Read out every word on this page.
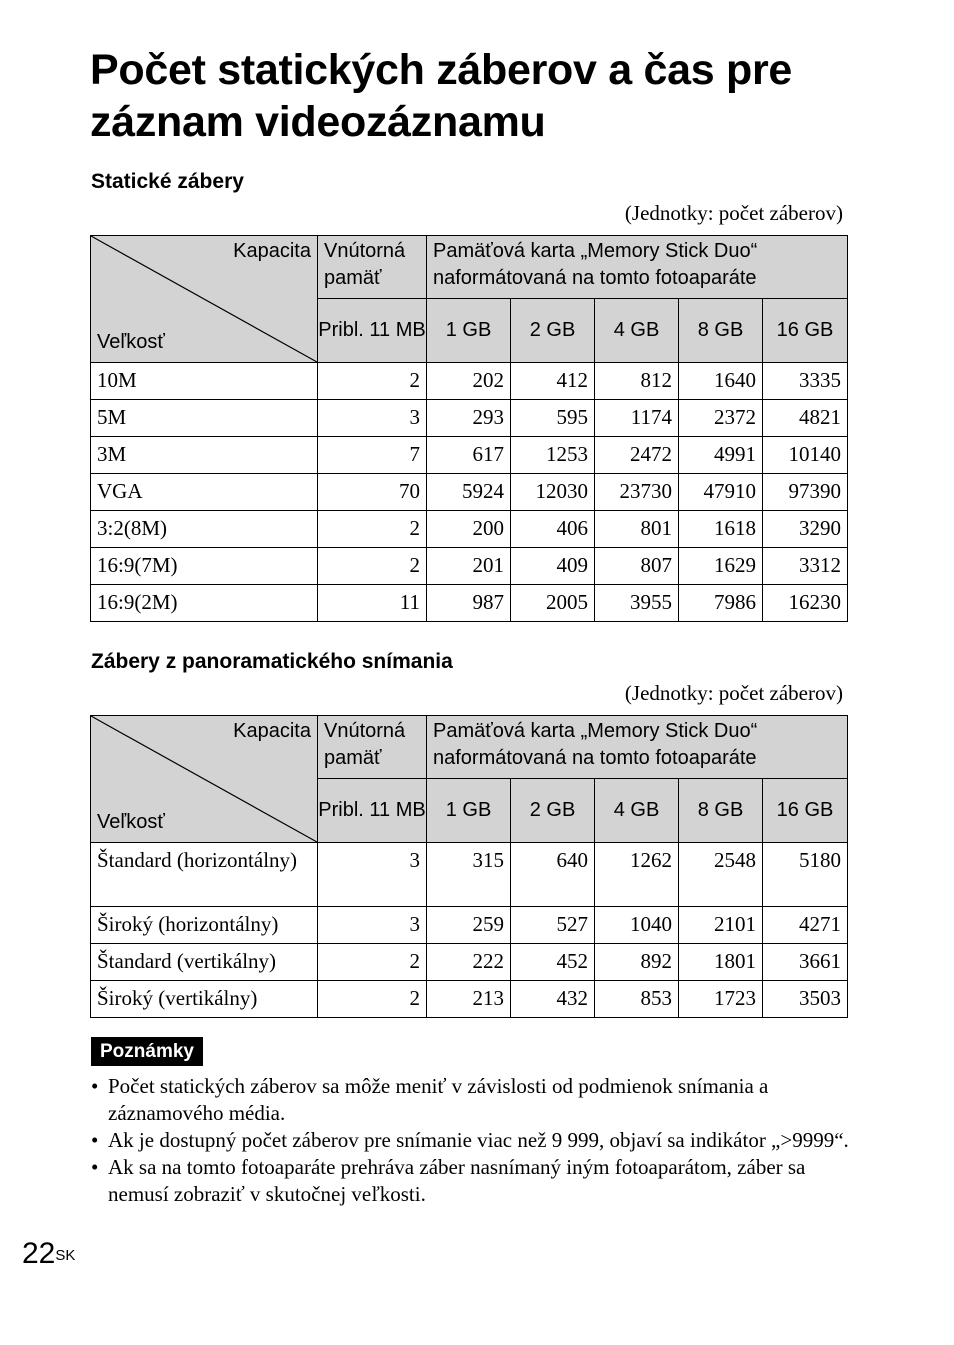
Počet statických záberov a čas pre záznam videozáznamu
Statické zábery
(Jednotky: počet záberov)
Kapacita
Veľkosť	Vnútorná pamäť	Pamäťová karta „Memory Stick Duo“ naformátovaná na tomto fotoaparáte				
	Pribl. 11 MB	1 GB	2 GB	4 GB	8 GB	16 GB
10M	2	202	412	812	1640	3335
5M	3	293	595	1174	2372	4821
3M	7	617	1253	2472	4991	10140
VGA	70	5924	12030	23730	47910	97390
3:2(8M)	2	200	406	801	1618	3290
16:9(7M)	2	201	409	807	1629	3312
16:9(2M)	11	987	2005	3955	7986	16230
Zábery z panoramatického snímania
(Jednotky: počet záberov)
Kapacita
Veľkosť	Vnútorná pamäť	Pamäťová karta „Memory Stick Duo“ naformátovaná na tomto fotoaparáte				
	Pribl. 11 MB	1 GB	2 GB	4 GB	8 GB	16 GB
Štandard (horizontálny)	3	315	640	1262	2548	5180
Široký (horizontálny)	3	259	527	1040	2101	4271
Štandard (vertikálny)	2	222	452	892	1801	3661
Široký (vertikálny)	2	213	432	853	1723	3503
Poznámky
• Počet statických záberov sa môže meniť v závislosti od podmienok snímania a záznamového média.
• Ak je dostupný počet záberov pre snímanie viac než 9 999, objaví sa indikátor „>9999“.
• Ak sa na tomto fotoaparáte prehráva záber nasnímaný iným fotoaparátom, záber sa nemusí zobraziť v skutočnej veľkosti.
$22^{SK}$
